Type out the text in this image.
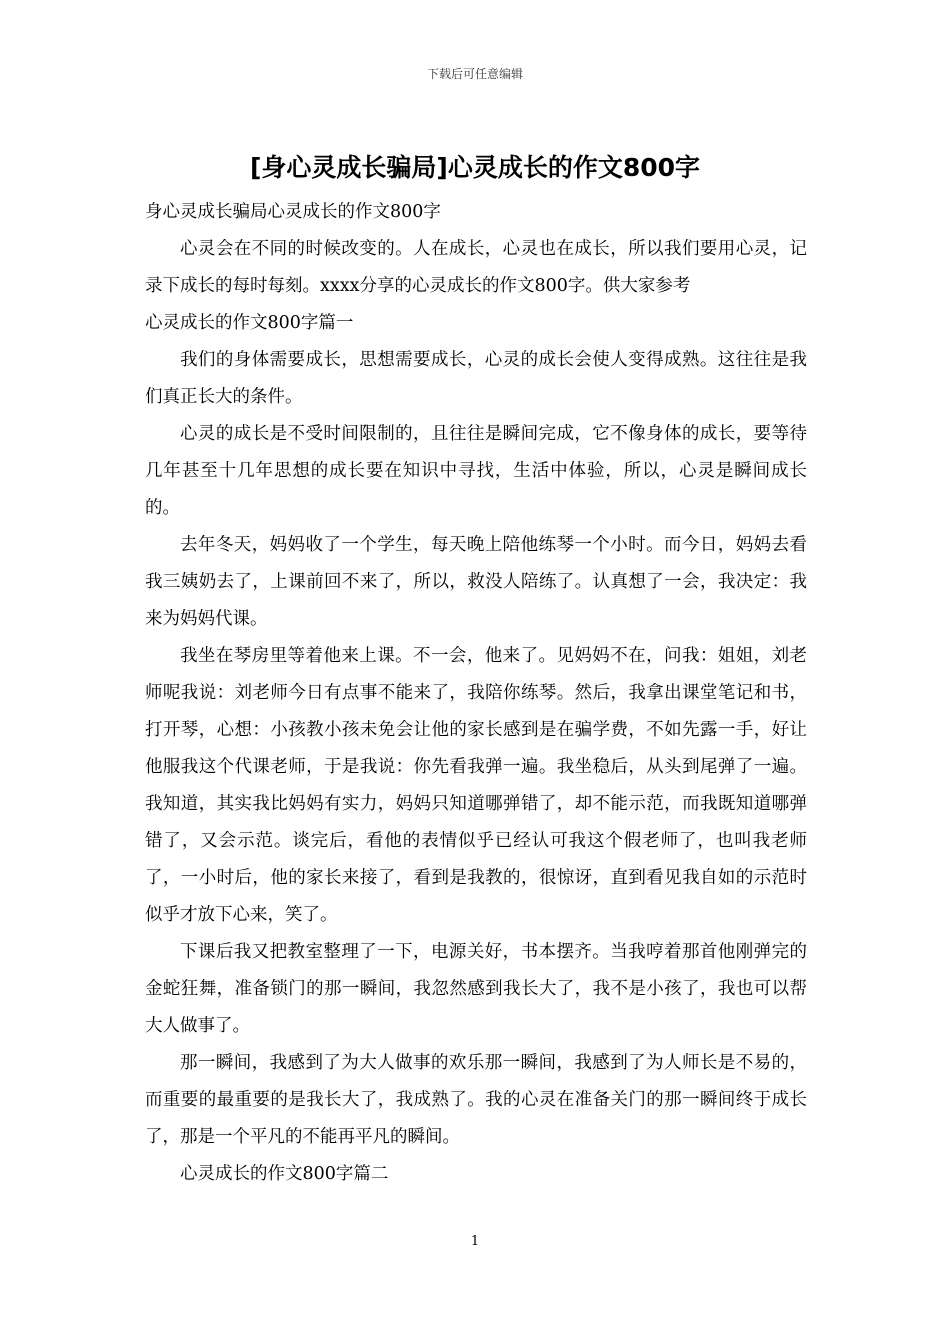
下载后可任意编辑
[身心灵成长骗局]心灵成长的作文800字

身心灵成长骗局心灵成长的作文800字

心灵会在不同的时候改变的。人在成长，心灵也在成长，所以我们要用心灵，记录下成长的每时每刻。xxxx分享的心灵成长的作文800字。供大家参考

心灵成长的作文800字篇一

我们的身体需要成长，思想需要成长，心灵的成长会使人变得成熟。这往往是我们真正长大的条件。

心灵的成长是不受时间限制的，且往往是瞬间完成，它不像身体的成长，要等待几年甚至十几年思想的成长要在知识中寻找，生活中体验，所以，心灵是瞬间成长的。

去年冬天，妈妈收了一个学生，每天晚上陪他练琴一个小时。而今日，妈妈去看我三姨奶去了，上课前回不来了，所以，救没人陪练了。认真想了一会，我决定：我来为妈妈代课。

我坐在琴房里等着他来上课。不一会，他来了。见妈妈不在，问我：姐姐，刘老师呢我说：刘老师今日有点事不能来了，我陪你练琴。然后，我拿出课堂笔记和书，打开琴，心想：小孩教小孩未免会让他的家长感到是在骗学费，不如先露一手，好让他服我这个代课老师，于是我说：你先看我弹一遍。我坐稳后，从头到尾弹了一遍。我知道，其实我比妈妈有实力，妈妈只知道哪弹错了，却不能示范，而我既知道哪弹错了，又会示范。谈完后，看他的表情似乎已经认可我这个假老师了，也叫我老师了，一小时后，他的家长来接了，看到是我教的，很惊讶，直到看见我自如的示范时似乎才放下心来，笑了。

下课后我又把教室整理了一下，电源关好，书本摆齐。当我哼着那首他刚弹完的金蛇狂舞，准备锁门的那一瞬间，我忽然感到我长大了，我不是小孩了，我也可以帮大人做事了。

那一瞬间，我感到了为大人做事的欢乐那一瞬间，我感到了为人师长是不易的，而重要的最重要的是我长大了，我成熟了。我的心灵在准备关门的那一瞬间终于成长了，那是一个平凡的不能再平凡的瞬间。

心灵成长的作文800字篇二

1
